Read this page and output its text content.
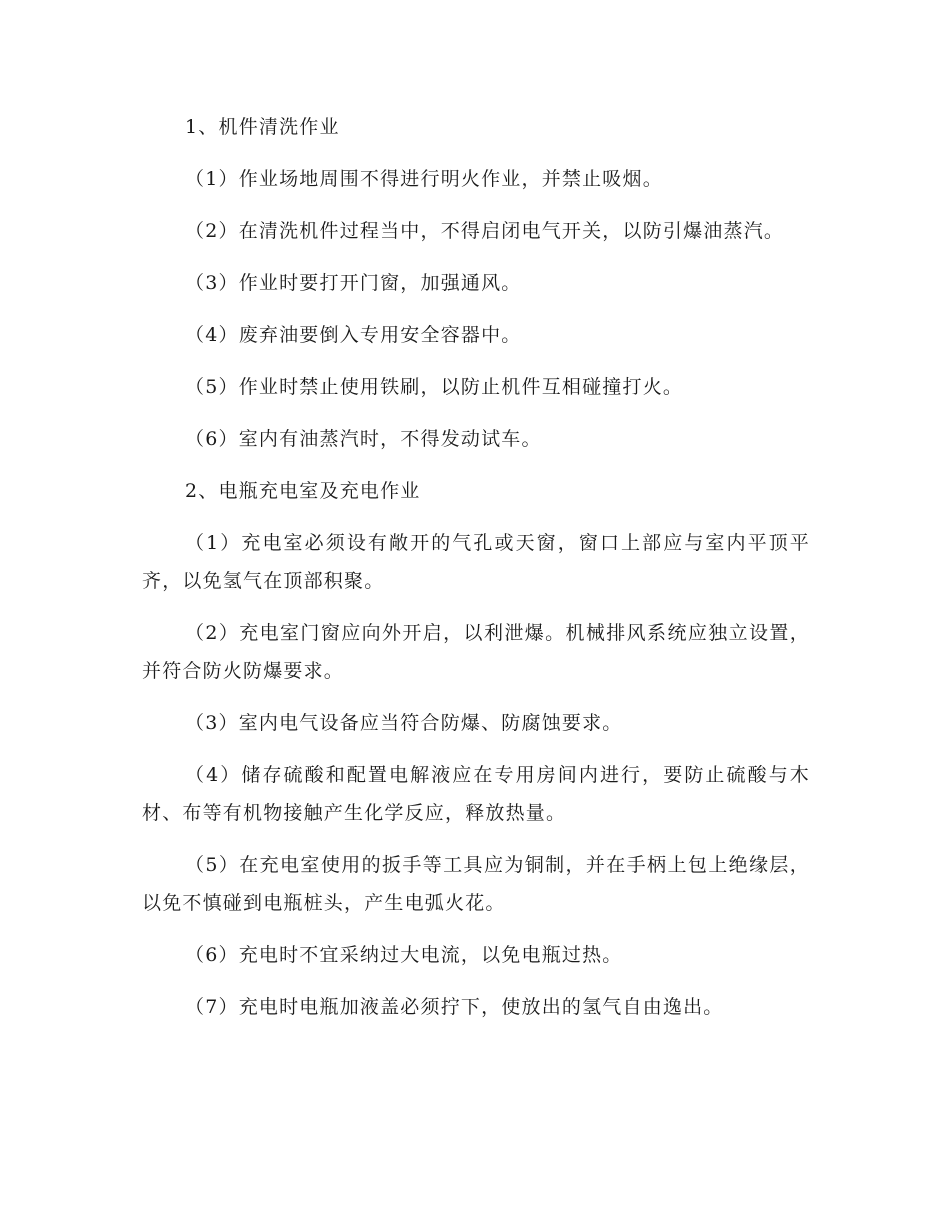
1、机件清洗作业

（1）作业场地周围不得进行明火作业，并禁止吸烟。

（2）在清洗机件过程当中，不得启闭电气开关，以防引爆油蒸汽。

（3）作业时要打开门窗，加强通风。

（4）废弃油要倒入专用安全容器中。

（5）作业时禁止使用铁刷，以防止机件互相碰撞打火。

（6）室内有油蒸汽时，不得发动试车。

2、电瓶充电室及充电作业

（1）充电室必须设有敞开的气孔或天窗，窗口上部应与室内平顶平齐，以免氢气在顶部积聚。

（2）充电室门窗应向外开启，以利泄爆。机械排风系统应独立设置，并符合防火防爆要求。

（3）室内电气设备应当符合防爆、防腐蚀要求。

（4）储存硫酸和配置电解液应在专用房间内进行，要防止硫酸与木材、布等有机物接触产生化学反应，释放热量。

（5）在充电室使用的扳手等工具应为铜制，并在手柄上包上绝缘层，以免不慎碰到电瓶桩头，产生电弧火花。

（6）充电时不宜采纳过大电流，以免电瓶过热。

（7）充电时电瓶加液盖必须拧下，使放出的氢气自由逸出。
